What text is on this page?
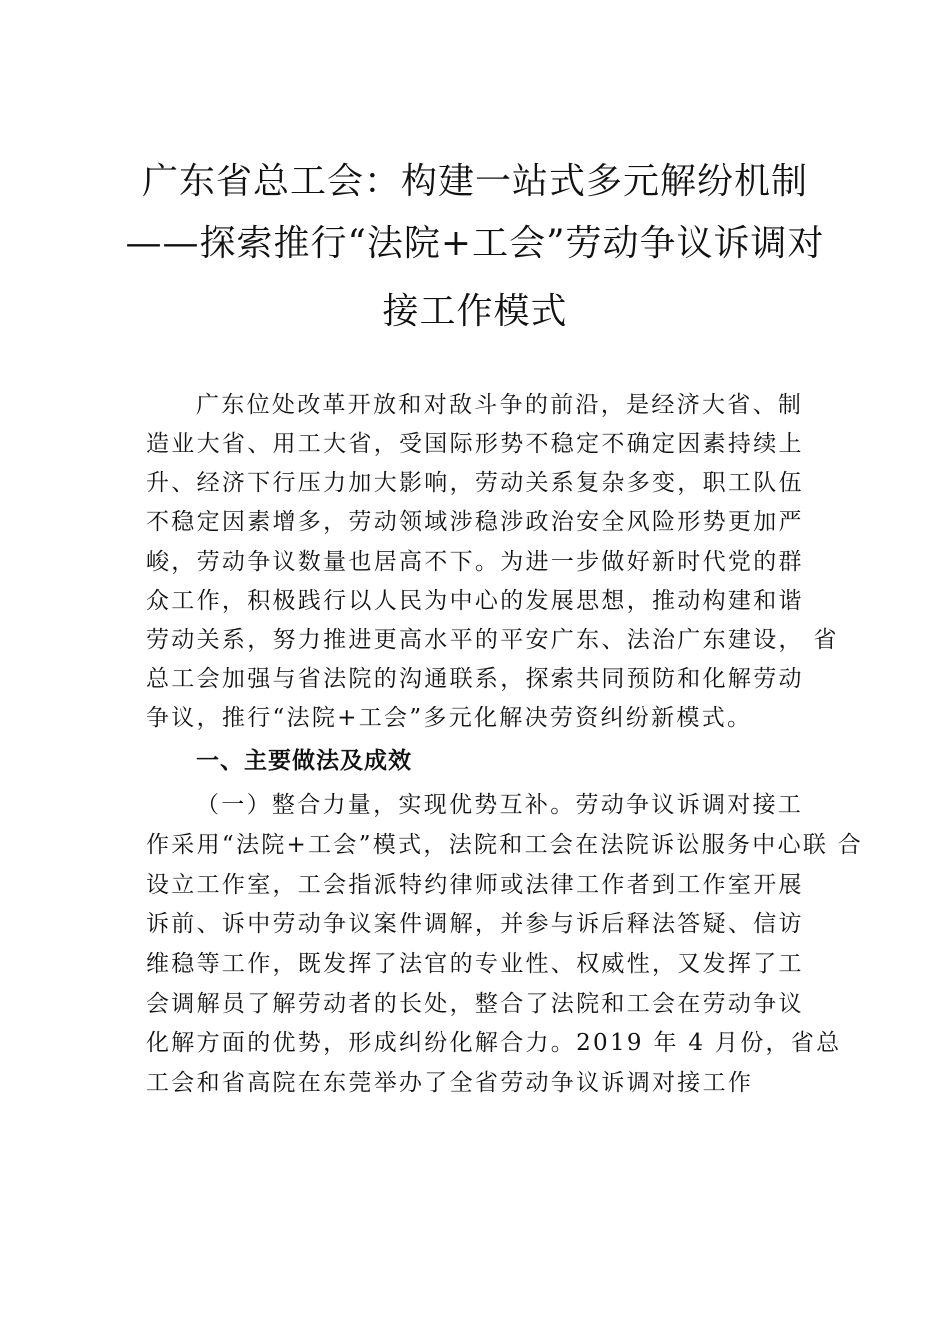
广东省总工会：构建一站式多元解纷机制
——探索推行“法院+工会”劳动争议诉调对
接工作模式

广东位处改革开放和对敌斗争的前沿，是经济大省、制

造业大省、用工大省，受国际形势不稳定不确定因素持续上

升、经济下行压力加大影响，劳动关系复杂多变，职工队伍

不稳定因素增多，劳动领域涉稳涉政治安全风险形势更加严

峻，劳动争议数量也居高不下。为进一步做好新时代党的群

众工作，积极践行以人民为中心的发展思想，推动构建和谐

劳动关系，努力推进更高水平的平安广东、法治广东建设， 省

总工会加强与省法院的沟通联系，探索共同预防和化解劳动

争议，推行“法院+工会”多元化解决劳资纠纷新模式。

一、主要做法及成效

（一）整合力量，实现优势互补。劳动争议诉调对接工

作采用“法院+工会”模式，法院和工会在法院诉讼服务中心联 合

设立工作室，工会指派特约律师或法律工作者到工作室开展

诉前、诉中劳动争议案件调解，并参与诉后释法答疑、信访

维稳等工作，既发挥了法官的专业性、权威性，又发挥了工

会调解员了解劳动者的长处，整合了法院和工会在劳动争议

化解方面的优势，形成纠纷化解合力。2019 年 4 月份，省总

工会和省高院在东莞举办了全省劳动争议诉调对接工作
